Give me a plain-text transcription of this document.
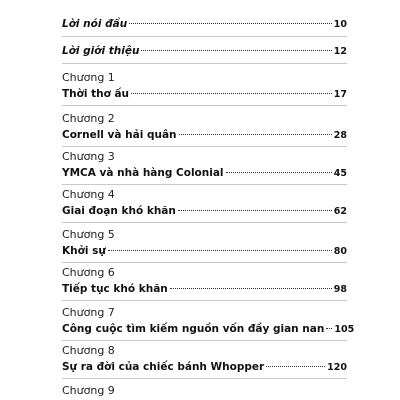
Lời nói đầu	10
Lời giới thiệu	12
Chương 1
Thời thơ ấu	17
Chương 2
Cornell và hải quân	28
Chương 3
YMCA và nhà hàng Colonial	45
Chương 4
Giai đoạn khó khăn	62
Chương 5
Khởi sự	80
Chương 6
Tiếp tục khó khăn	98
Chương 7
Công cuộc tìm kiếm nguồn vốn đầy gian nan 105
Chương 8
Sự ra đời của chiếc bánh Whopper	120
Chương 9
